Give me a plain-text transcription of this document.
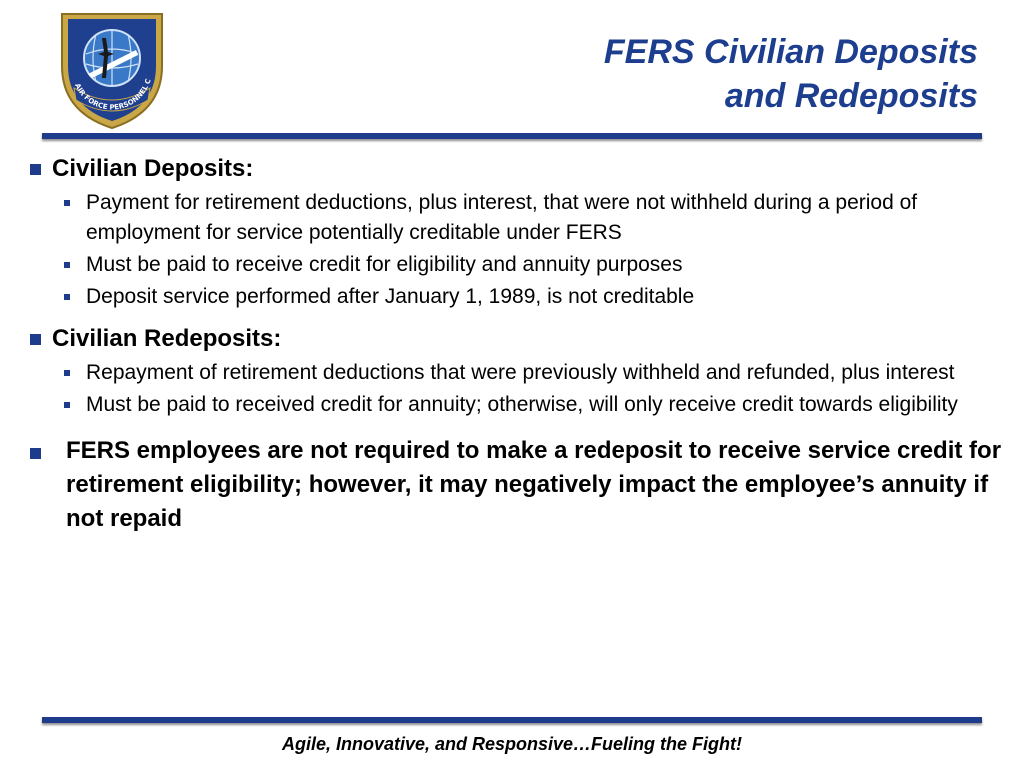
AIR FORCE PERSONNEL C
FERS Civilian Deposits
and Redeposits
Civilian Deposits:
Payment for retirement deductions, plus interest, that were not withheld during a period of employment for service potentially creditable under FERS
Must be paid to receive credit for eligibility and annuity purposes
Deposit service performed after January 1, 1989, is not creditable
Civilian Redeposits:
Repayment of retirement deductions that were previously withheld and refunded, plus interest
Must be paid to received credit for annuity; otherwise, will only receive credit towards eligibility
FERS employees are not required to make a redeposit to receive service credit for retirement eligibility; however, it may negatively impact the employee’s annuity if not repaid
Agile, Innovative, and Responsive…Fueling the Fight!
